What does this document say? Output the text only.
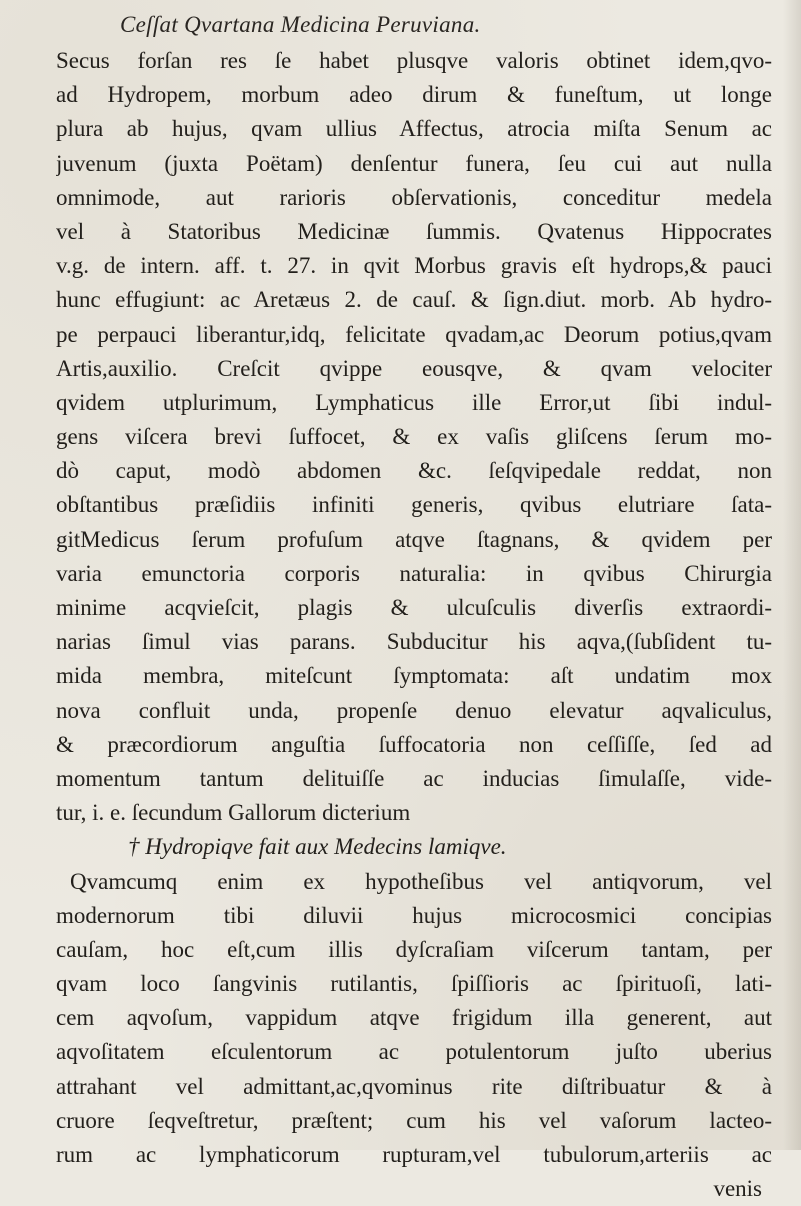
Ceſſat Qvartana Medicina Peruviana.
Secus forſan res ſe habet plusqve valoris obtinet idem,qvo-
ad Hydropem, morbum adeo dirum & funeſtum, ut longe
plura ab hujus, qvam ullius Affectus, atrocia miſta Senum ac
juvenum (juxta Poëtam) denſentur funera, ſeu cui aut nulla
omnimode, aut rarioris obſervationis, conceditur medela
vel à Statoribus Medicinæ ſummis. Qvatenus Hippocrates
v.g. de intern. aff. t. 27. in qvit Morbus gravis eſt hydrops,& pauci
hunc effugiunt: ac Aretæus 2. de cauſ. & ſign.diut. morb. Ab hydro-
pe perpauci liberantur,idq, felicitate qvadam,ac Deorum potius,qvam
Artis,auxilio. Creſcit qvippe eousqve, & qvam velociter
qvidem utplurimum, Lymphaticus ille Error,ut ſibi indul-
gens viſcera brevi ſuffocet, & ex vaſis gliſcens ſerum mo-
dò caput, modò abdomen &c. ſeſqvipedale reddat, non
obſtantibus præſidiis infiniti generis, qvibus elutriare ſata-
gitMedicus ſerum profuſum atqve ſtagnans, & qvidem per
varia emunctoria corporis naturalia: in qvibus Chirurgia
minime acqvieſcit, plagis & ulcuſculis diverſis extraordi-
narias ſimul vias parans. Subducitur his aqva,(ſubſident tu-
mida membra, miteſcunt ſymptomata: aſt undatim mox
nova confluit unda, propenſe denuo elevatur aqvaliculus,
& præcordiorum anguſtia ſuffocatoria non ceſſiſſe, ſed ad
momentum tantum delituiſſe ac inducias ſimulaſſe, vide-
tur, i. e. ſecundum Gallorum dicterium
† Hydropiqve fait aux Medecins lamiqve.
Qvamcumq enim ex hypotheſibus vel antiqvorum, vel
modernorum tibi diluvii hujus microcosmici concipias
cauſam, hoc eſt,cum illis dyſcraſiam viſcerum tantam, per
qvam loco ſangvinis rutilantis, ſpiſſioris ac ſpirituoſi, lati-
cem aqvoſum, vappidum atqve frigidum illa generent, aut
aqvoſitatem eſculentorum ac potulentorum juſto uberius
attrahant vel admittant,ac,qvominus rite diſtribuatur & à
cruore ſeqveſtretur, præſtent; cum his vel vaſorum lacteo-
rum ac lymphaticorum rupturam,vel tubulorum,arteriis ac
venis
